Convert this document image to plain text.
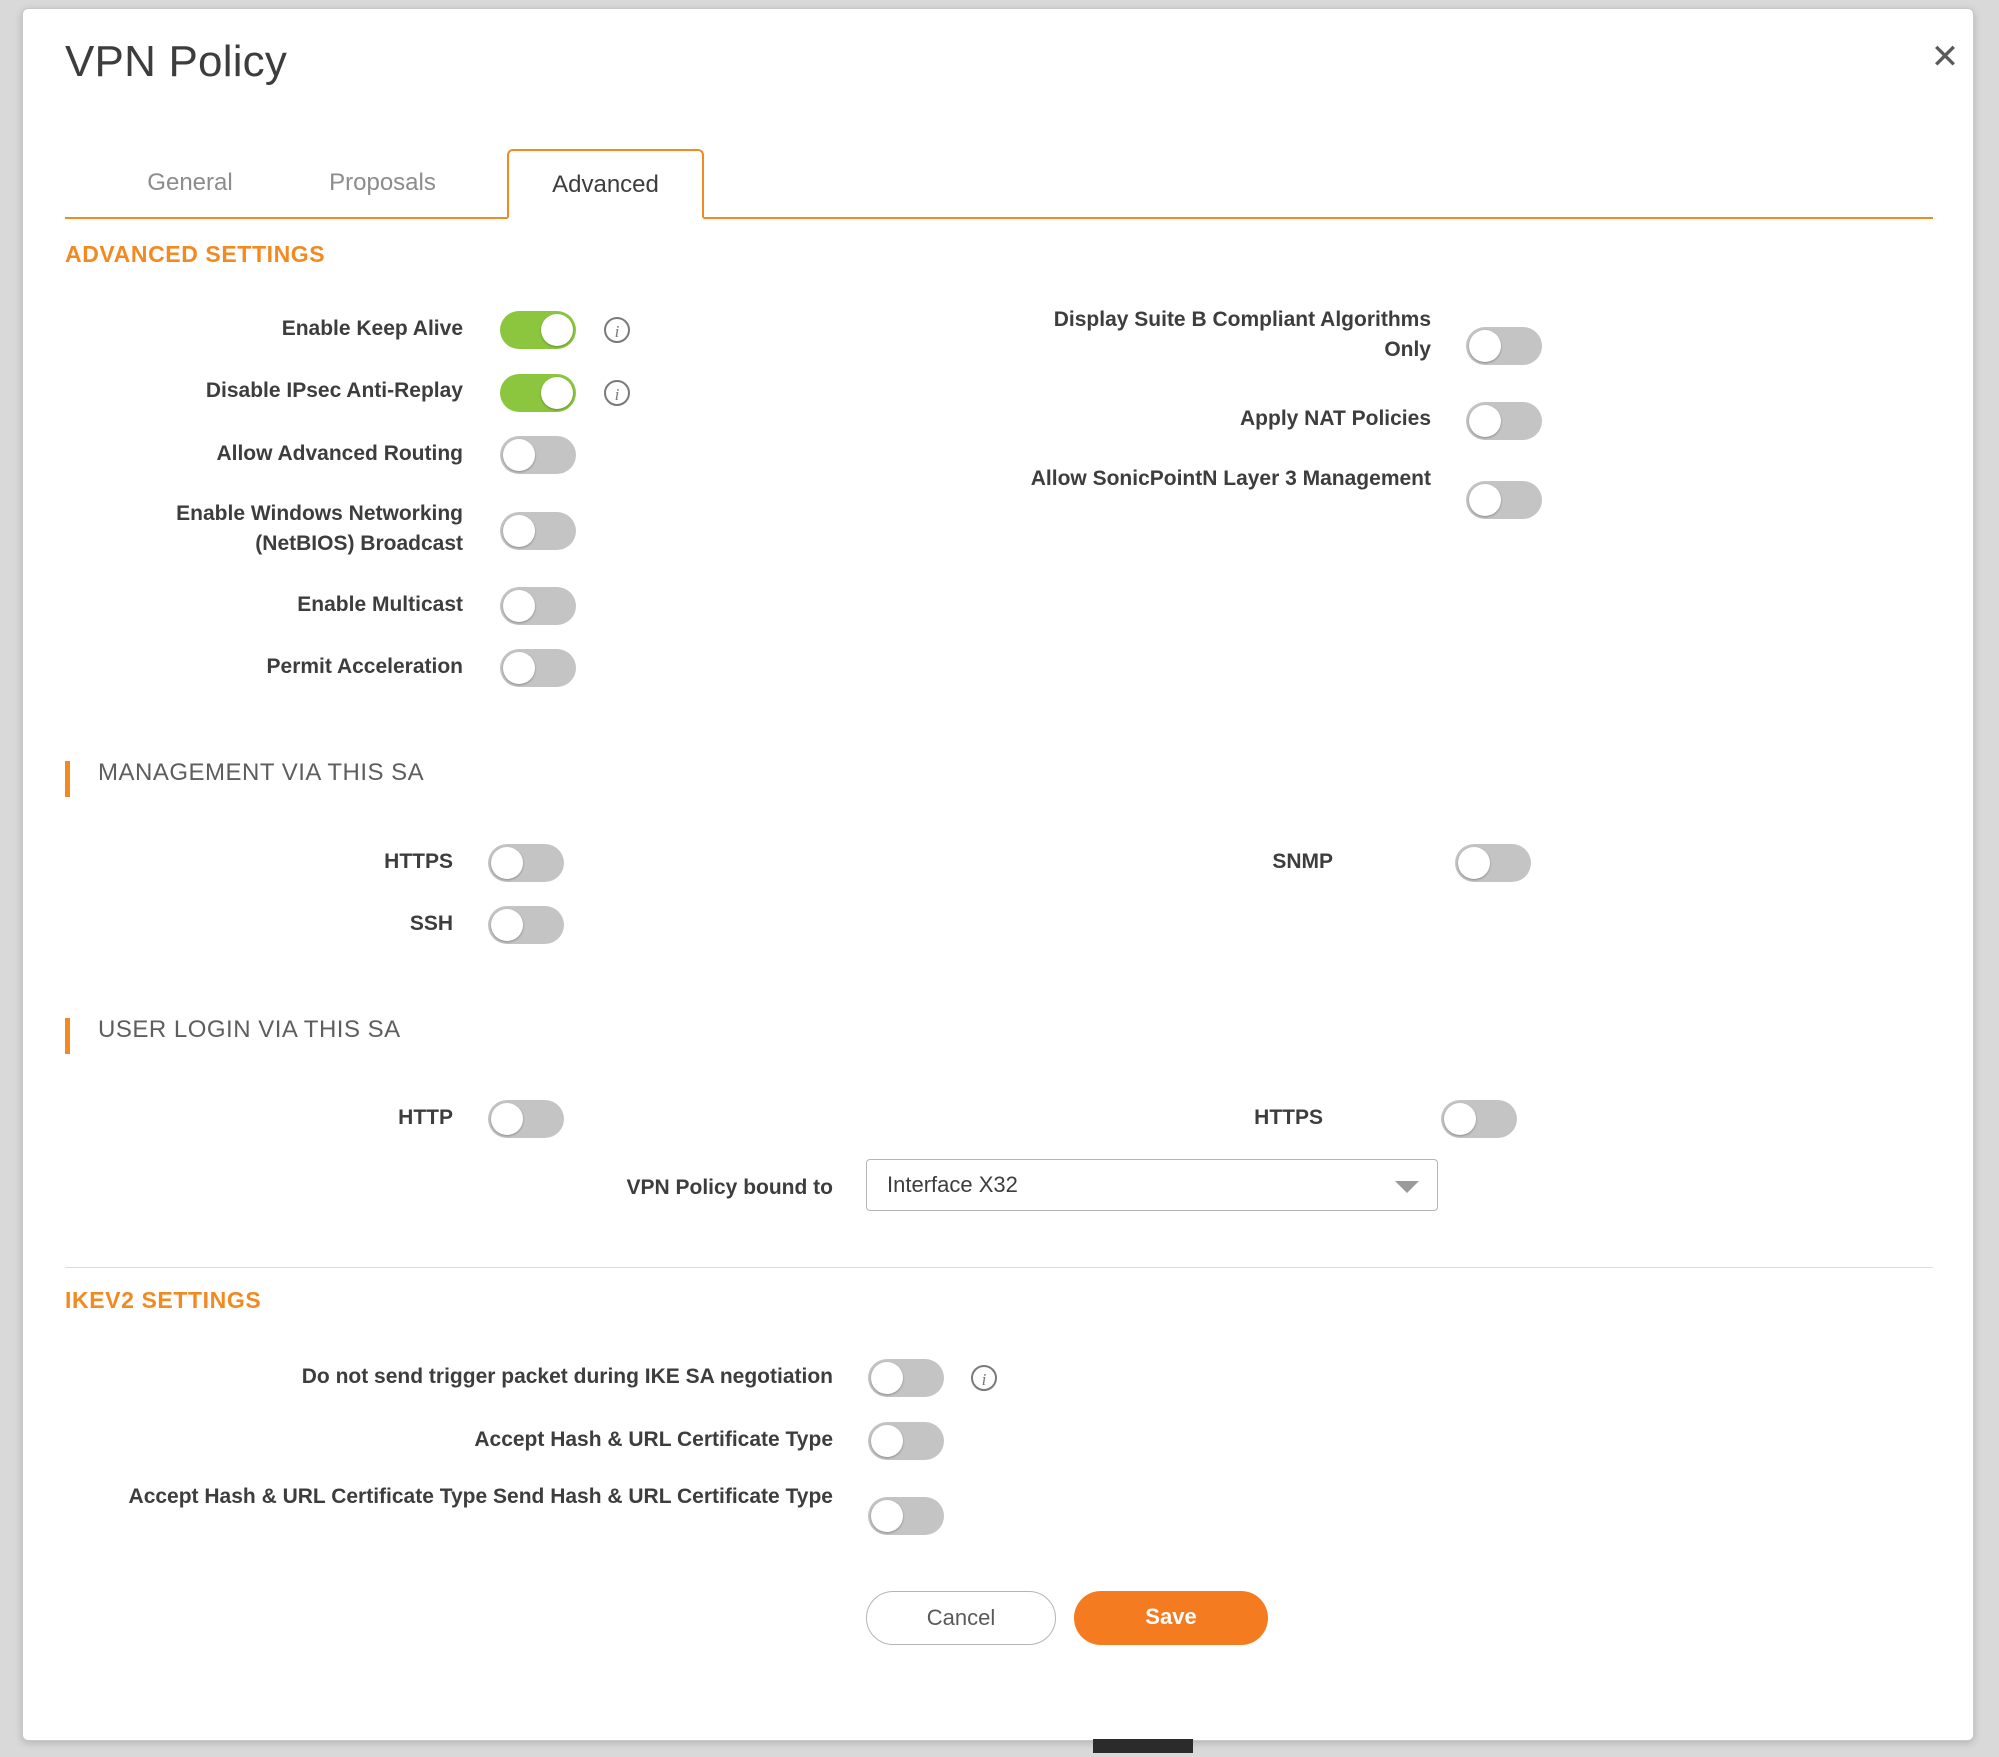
VPN Policy
General	Proposals	Advanced
ADVANCED SETTINGS
Enable Keep Alive	i
Disable IPsec Anti-Replay	i
Allow Advanced Routing
Enable Windows Networking (NetBIOS) Broadcast
Enable Multicast
Permit Acceleration
Display Suite B Compliant Algorithms Only
Apply NAT Policies
Allow SonicPointN Layer 3 Management
MANAGEMENT VIA THIS SA
HTTPS
SSH
SNMP
USER LOGIN VIA THIS SA
HTTP	HTTPS
VPN Policy bound to Interface X32
IKEV2 SETTINGS
Do not send trigger packet during IKE SA negotiation	i
Accept Hash & URL Certificate Type
Accept Hash & URL Certificate Type Send Hash & URL Certificate Type
Cancel	Save
✕
